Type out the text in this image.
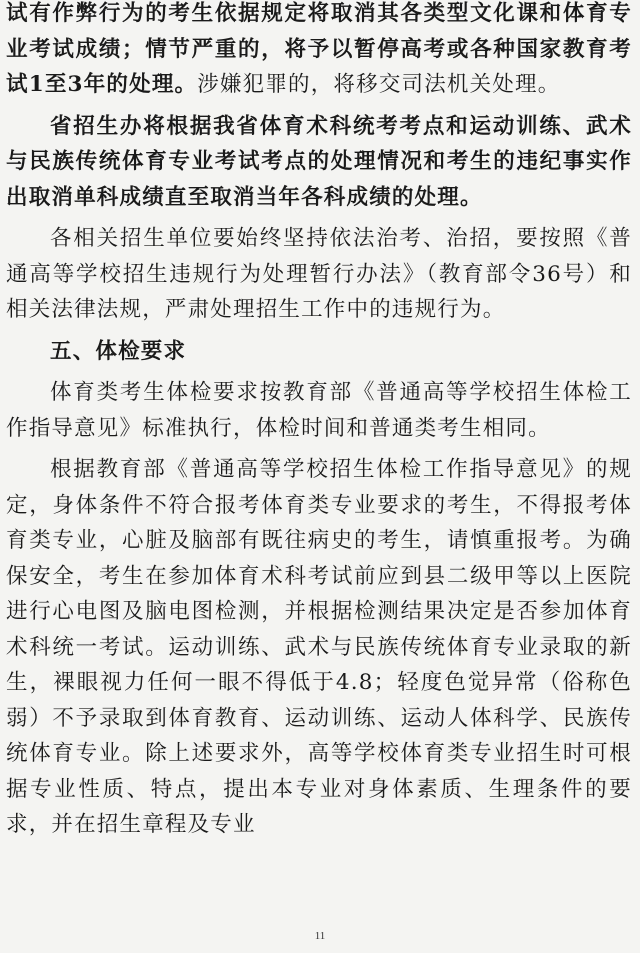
试有作弊行为的考生依据规定将取消其各类型文化课和体育专业考试成绩；情节严重的，将予以暂停高考或各种国家教育考试1至3年的处理。涉嫌犯罪的，将移交司法机关处理。

省招生办将根据我省体育术科统考考点和运动训练、武术与民族传统体育专业考试考点的处理情况和考生的违纪事实作出取消单科成绩直至取消当年各科成绩的处理。

各相关招生单位要始终坚持依法治考、治招，要按照《普通高等学校招生违规行为处理暂行办法》（教育部令36号）和相关法律法规，严肃处理招生工作中的违规行为。

五、体检要求

体育类考生体检要求按教育部《普通高等学校招生体检工作指导意见》标准执行，体检时间和普通类考生相同。

根据教育部《普通高等学校招生体检工作指导意见》的规定，身体条件不符合报考体育类专业要求的考生，不得报考体育类专业，心脏及脑部有既往病史的考生，请慎重报考。为确保安全，考生在参加体育术科考试前应到县二级甲等以上医院进行心电图及脑电图检测，并根据检测结果决定是否参加体育术科统一考试。运动训练、武术与民族传统体育专业录取的新生，裸眼视力任何一眼不得低于4.8；轻度色觉异常（俗称色弱）不予录取到体育教育、运动训练、运动人体科学、民族传统体育专业。除上述要求外，高等学校体育类专业招生时可根据专业性质、特点，提出本专业对身体素质、生理条件的要求，并在招生章程及专业

11
